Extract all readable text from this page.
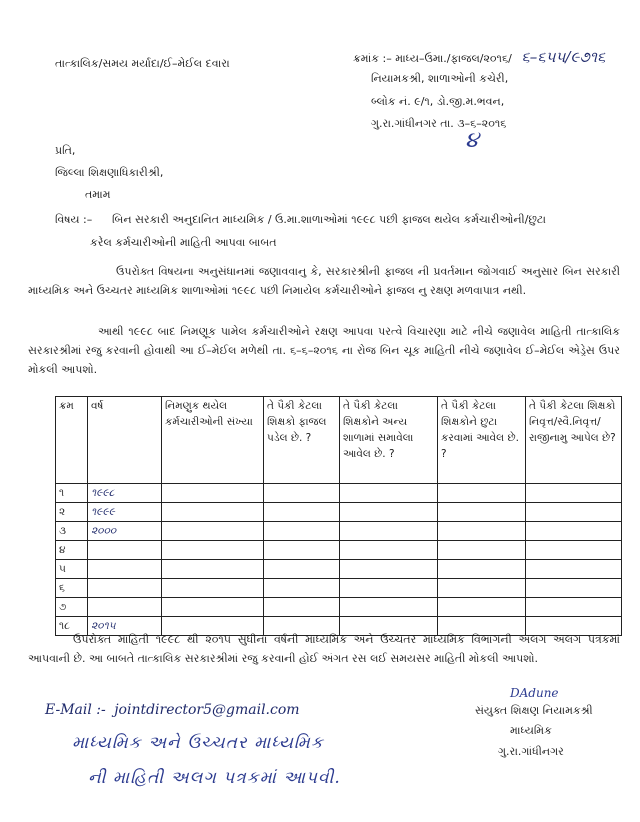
તાત્કાલિક/સમય મર્યાદા/ઈ–મેઈલ દવારા	ક્રમાંક :– માધ્ય–ઉમા./ફાજલ/૨૦૧૬/ ૬–૬૫૫/૯૭૧૬
નિયામકશ્રી, શાળાઓની કચેરી,
બ્લોક નં. ૯/૧, ડો.જી.મ.ભવન,
ગુ.રા.ગાંધીનગર તા. ૩–૬–૨૦૧૬
૪
પ્રતિ,
જિલ્લા શિક્ષણાધિકારીશ્રી,
તમામ
વિષય :– બિન સરકારી અનુદાનિત માધ્યમિક / ઉ.મા.શાળાઓમાં ૧૯૯૮ પછી ફાજલ થયેલ કર્મચારીઓની/છુટા
કરેલ કર્મચારીઓની માહિતી આપવા બાબત
ઉપરોક્ત વિષયના અનુસંધાનમાં જણાવવાનુ કે, સરકારશ્રીની ફાજલ ની પ્રવર્તમાન જોગવાઈ અનુસાર બિન સરકારી માધ્યમિક અને ઉચ્ચતર માધ્યમિક શાળાઓમાં ૧૯૯૮ પછી નિમાયેલ કર્મચારીઓને ફાજલ નુ રક્ષણ મળવાપાત્ર નથી.
આથી ૧૯૯૮ બાદ નિમણૂક પામેલ કર્મચારીઓને રક્ષણ આપવા પરત્વે વિચારણા માટે નીચે જણાવેલ માહિતી તાત્કાલિક સરકારશ્રીમાં રજુ કરવાની હોવાથી આ ઈ–મેઈલ મળેથી તા. ૬–૬–૨૦૧૬ ના રોજ બિન ચૂક માહિતી નીચે જણાવેલ ઈ–મેઈલ એડ્રેસ ઉપર મોકલી આપશો.
ક્રમ	વર્ષ	નિમણુક થયેલ કર્મચારીઓની સંખ્યા	તે પૈકી કેટલા શિક્ષકો ફાજલ પડેલ છે. ?	તે પૈકી કેટલા શિક્ષકોને અન્ય શાળામાં સમાવેલા આવેલ છે. ?	તે પૈકી કેટલા શિક્ષકોને છુટા કરવામાં આવેલ છે. ?	તે પૈકી કેટલા શિક્ષકો નિવૃત્ત/સ્વૈ.નિવૃત્ત/ રાજીનામુ આપેલ છે?
૧	૧૯૯૮					
૨	૧૯૯૯					
૩	૨૦૦૦					
૪						
૫						
૬						
૭						
૧૮	૨૦૧૫					
ઉપરોક્ત માહિતી ૧૯૯૮ થી ૨૦૧૫ સુધીના વર્ષની માધ્યમિક અને ઉચ્ચતર માધ્યમિક વિભાગની અલગ અલગ પત્રકમાં આપવાની છે. આ બાબતે તાત્કાલિક સરકારશ્રીમાં રજુ કરવાની હોઈ અંગત રસ લઈ સમયસર માહિતી મોકલી આપશો.
E-Mail :- jointdirector5@gmail.com
DAdune
સંયુક્ત શિક્ષણ નિયામકશ્રી
માધ્યમિક
ગુ.રા.ગાંધીનગર
માધ્યમિક અને ઉચ્ચતર માધ્યમિક
ની માહિતી અલગ પત્રકમાં આપવી.
